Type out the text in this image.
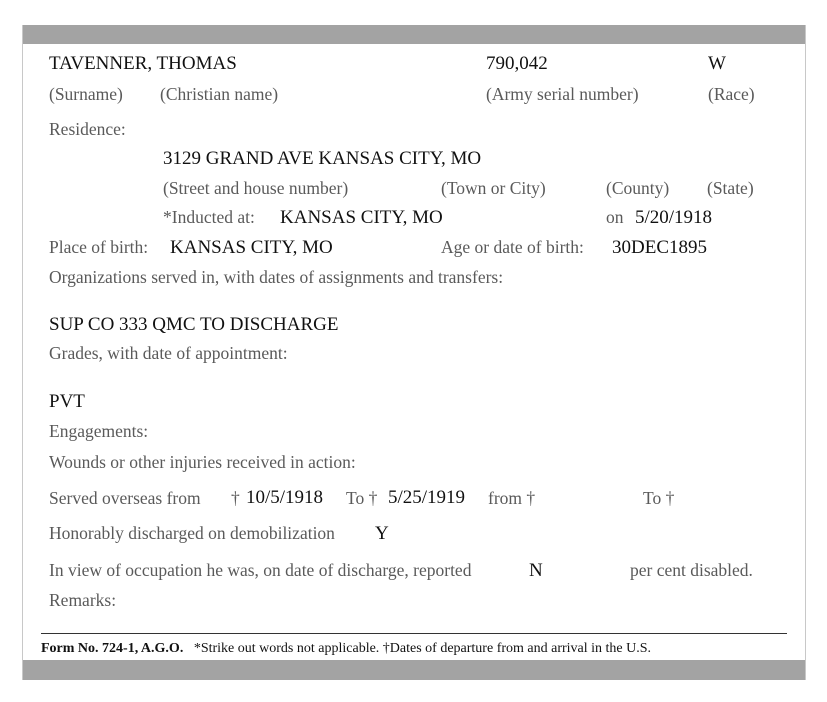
TAVENNER, THOMAS	790,042	W
(Surname) (Christian name)	(Army serial number)	(Race)
Residence:
3129 GRAND AVE KANSAS CITY, MO
(Street and house number)	(Town or City)	(County) (State)
*Inducted at: KANSAS CITY, MO	on 5/20/1918
Place of birth: KANSAS CITY, MO	Age or date of birth: 30DEC1895
Organizations served in, with dates of assignments and transfers:
SUP CO 333 QMC TO DISCHARGE
Grades, with date of appointment:
PVT
Engagements:
Wounds or other injuries received in action:
Served overseas from † 10/5/1918 To † 5/25/1919 from †	To †
Honorably discharged on demobilization Y
In view of occupation he was, on date of discharge, reported	N	per cent disabled.
Remarks:
Form No. 724-1, A.G.O. *Strike out words not applicable. †Dates of departure from and arrival in the U.S.
